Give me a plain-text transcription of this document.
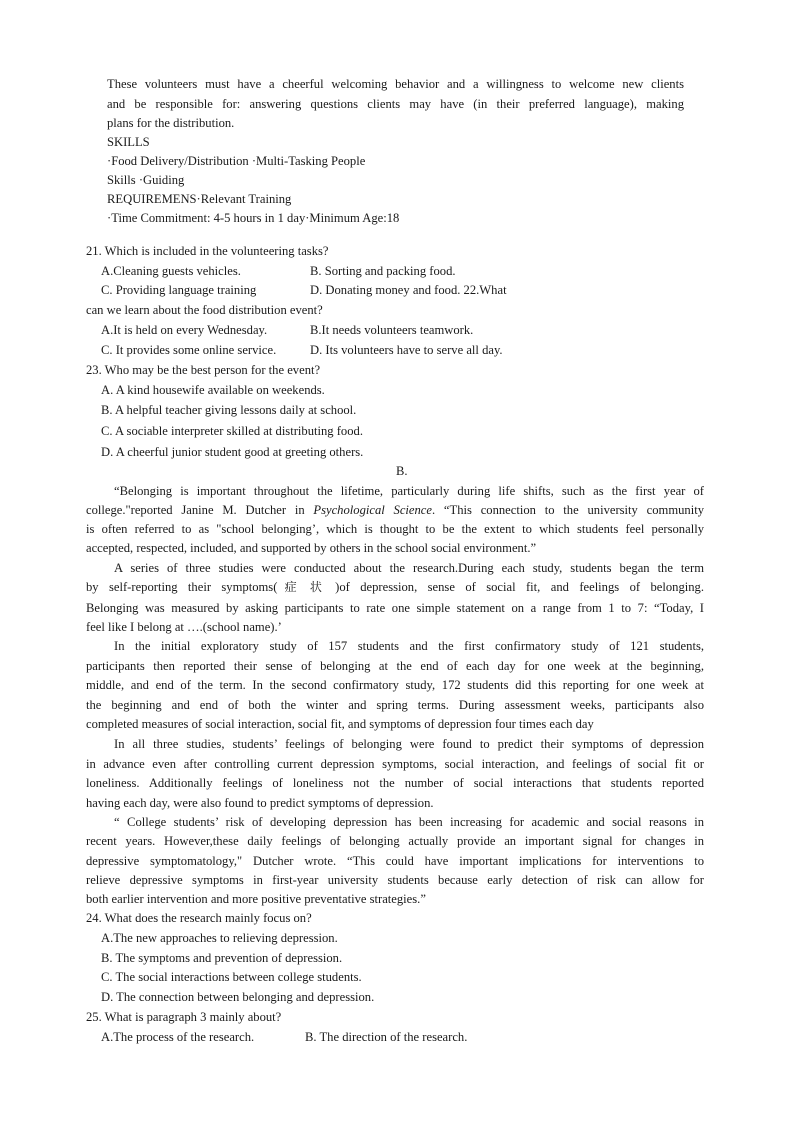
These volunteers must have a cheerful welcoming behavior and a willingness to welcome new clients
and be responsible for: answering questions clients may have (in their preferred language), making
plans for the distribution.
SKILLS
·Food Delivery/Distribution ·Multi-Tasking People
Skills ·Guiding
REQUIREMENS·Relevant Training
·Time Commitment: 4-5 hours in 1 day·Minimum Age:18
21. Which is included in the volunteering tasks?
A.Cleaning guests vehicles.	B. Sorting and packing food.
C. Providing language training	D. Donating money and food. 22.What
can we learn about the food distribution event?
A.It is held on every Wednesday.	B.It needs volunteers teamwork.
C. It provides some online service.	D. Its volunteers have to serve all day.
23. Who may be the best person for the event?
A. A kind housewife available on weekends.
B. A helpful teacher giving lessons daily at school.
C. A sociable interpreter skilled at distributing food.
D. A cheerful junior student good at greeting others.
B.
“Belonging is important throughout the lifetime, particularly during life shifts, such as the first year of
college."reported Janine M. Dutcher in Psychological Science. “This connection to the university community
is often referred to as "school belonging’, which is thought to be the extent to which students feel personally
accepted, respected, included, and supported by others in the school social environment.”
A series of three studies were conducted about the research.During each study, students began the term
by self-reporting their symptoms(症状)of depression, sense of social fit, and feelings of belonging.
Belonging was measured by asking participants to rate one simple statement on a range from 1 to 7: “Today, I
feel like I belong at ….(school name).’
In the initial exploratory study of 157 students and the first confirmatory study of 121 students,
participants then reported their sense of belonging at the end of each day for one week at the beginning,
middle, and end of the term. In the second confirmatory study, 172 students did this reporting for one week at
the beginning and end of both the winter and spring terms. During assessment weeks, participants also
completed measures of social interaction, social fit, and symptoms of depression four times each day
In all three studies, students’ feelings of belonging were found to predict their symptoms of depression
in advance even after controlling current depression symptoms, social interaction, and feelings of social fit or
loneliness. Additionally feelings of loneliness not the number of social interactions that students reported
having each day, were also found to predict symptoms of depression.
“ College students’ risk of developing depression has been increasing for academic and social reasons in
recent years. However,these daily feelings of belonging actually provide an important signal for changes in
depressive symptomatology," Dutcher wrote. “This could have important implications for interventions to
relieve depressive symptoms in first-year university students because early detection of risk can allow for
both earlier intervention and more positive preventative strategies.”
24. What does the research mainly focus on?
A.The new approaches to relieving depression.
B. The symptoms and prevention of depression.
C. The social interactions between college students.
D. The connection between belonging and depression.
25. What is paragraph 3 mainly about?
A.The process of the research.	B. The direction of the research.
